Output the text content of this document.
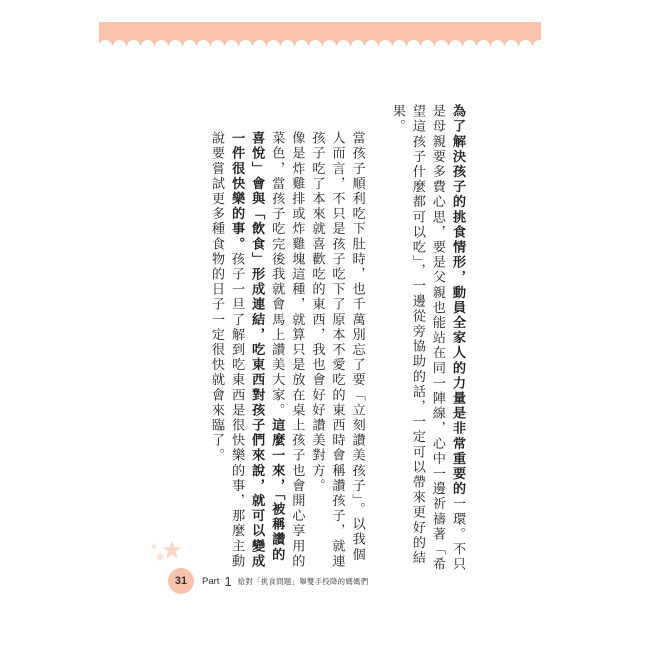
為了解決孩子的挑食情形，動員全家人的力量是非常重要的一環。不只是母親要多費心思，要是父親也能站在同一陣線，心中一邊祈禱著「希望這孩子什麼都可以吃」，一邊從旁協助的話，一定可以帶來更好的結果。

當孩子順利吃下肚時，也千萬別忘了要「立刻讚美孩子」。以我個人而言，不只是孩子吃下了原本不愛吃的東西時會稱讚孩子，就連孩子吃了本來就喜歡吃的東西，我也會好好讚美對方。

像是炸雞排或炸雞塊這種，就算只是放在桌上孩子也會開心享用的菜色，當孩子吃完後我就會馬上讚美大家。這麼一來，「被稱讚的喜悅」會與「飲食」形成連結，吃東西對孩子們來說，就可以變成一件很快樂的事。孩子一旦了解到吃東西是很快樂的事，那麼主動說要嘗試更多種食物的日子一定很快就會來臨了。

31	Part 1 給對「挑食問題」舉雙手投降的媽媽們
